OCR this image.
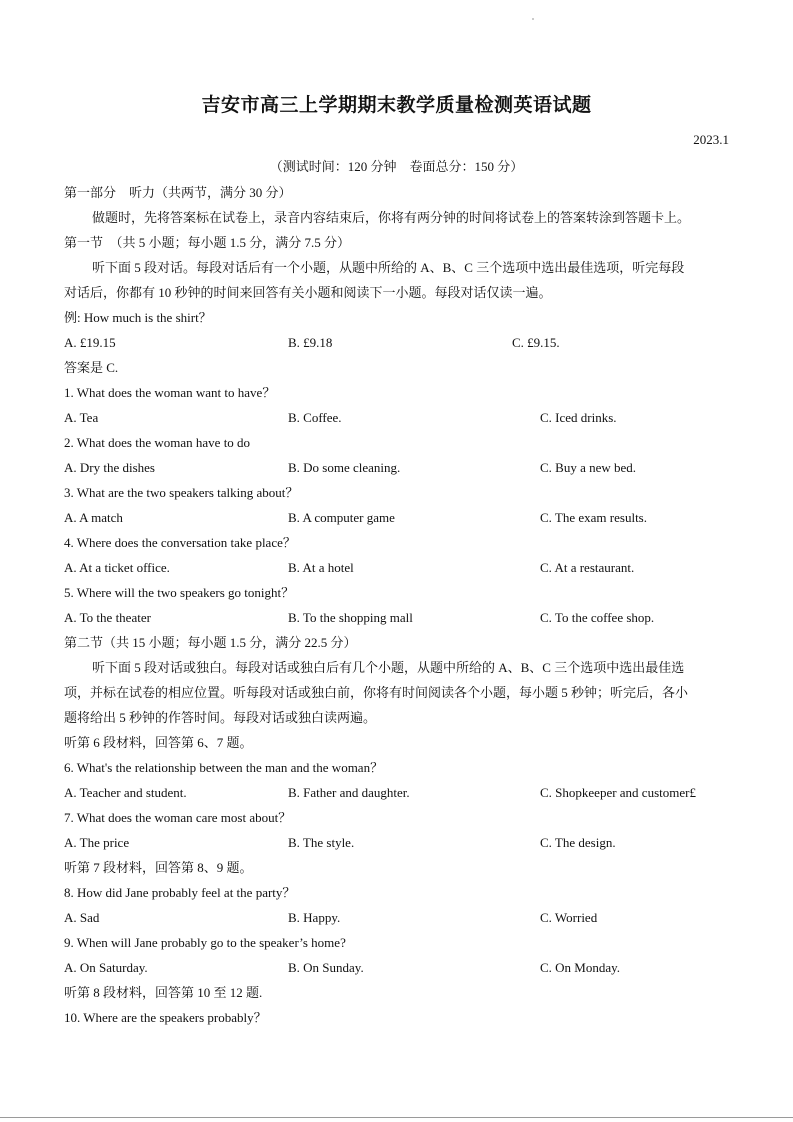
吉安市高三上学期期末教学质量检测英语试题
2023.1
（测试时间：120 分钟　卷面总分：150 分）
第一部分　听力（共两节，满分 30 分）
做题时，先将答案标在试卷上，录音内容结束后，你将有两分钟的时间将试卷上的答案转涂到答题卡上。
第一节　（共 5 小题；每小题 1.5 分，满分 7.5 分）
听下面 5 段对话。每段对话后有一个小题，从题中所给的 A、B、C 三个选项中选出最佳选项，听完每段
对话后，你都有 10 秒钟的时间来回答有关小题和阅读下一小题。每段对话仅读一遍。
例: How much is the shirt？
A. £19.15	B. £9.18	C. £9.15.
答案是 C.
1. What does the woman want to have？
A. Tea	B. Coffee.	C. Iced drinks.
2. What does the woman have to do
A. Dry the dishes	B. Do some cleaning.	C. Buy a new bed.
3. What are the two speakers talking about？
A. A match	B. A computer game	C. The exam results.
4. Where does the conversation take place？
A. At a ticket office.	B. At a hotel	C. At a restaurant.
5. Where will the two speakers go tonight？
A. To the theater	B. To the shopping mall	C. To the coffee shop.
第二节（共 15 小题；每小题 1.5 分，满分 22.5 分）
听下面 5 段对话或独白。每段对话或独白后有几个小题，从题中所给的 A、B、C 三个选项中选出最佳选
项，并标在试卷的相应位置。听每段对话或独白前，你将有时间阅读各个小题，每小题 5 秒钟；听完后，各小
题将给出 5 秒钟的作答时间。每段对话或独白读两遍。
听第 6 段材料，回答第 6、7 题。
6. What's the relationship between the man and the woman？
A. Teacher and student.	B. Father and daughter.	C. Shopkeeper and customer£
7. What does the woman care most about？
A. The price	B. The style.	C. The design.
听第 7 段材料，回答第 8、9 题。
8. How did Jane probably feel at the party？
A. Sad	B. Happy.	C. Worried
9. When will Jane probably go to the speaker’s home?
A. On Saturday.	B. On Sunday.	C. On Monday.
听第 8 段材料，回答第 10 至 12 题.
10. Where are the speakers probably？
